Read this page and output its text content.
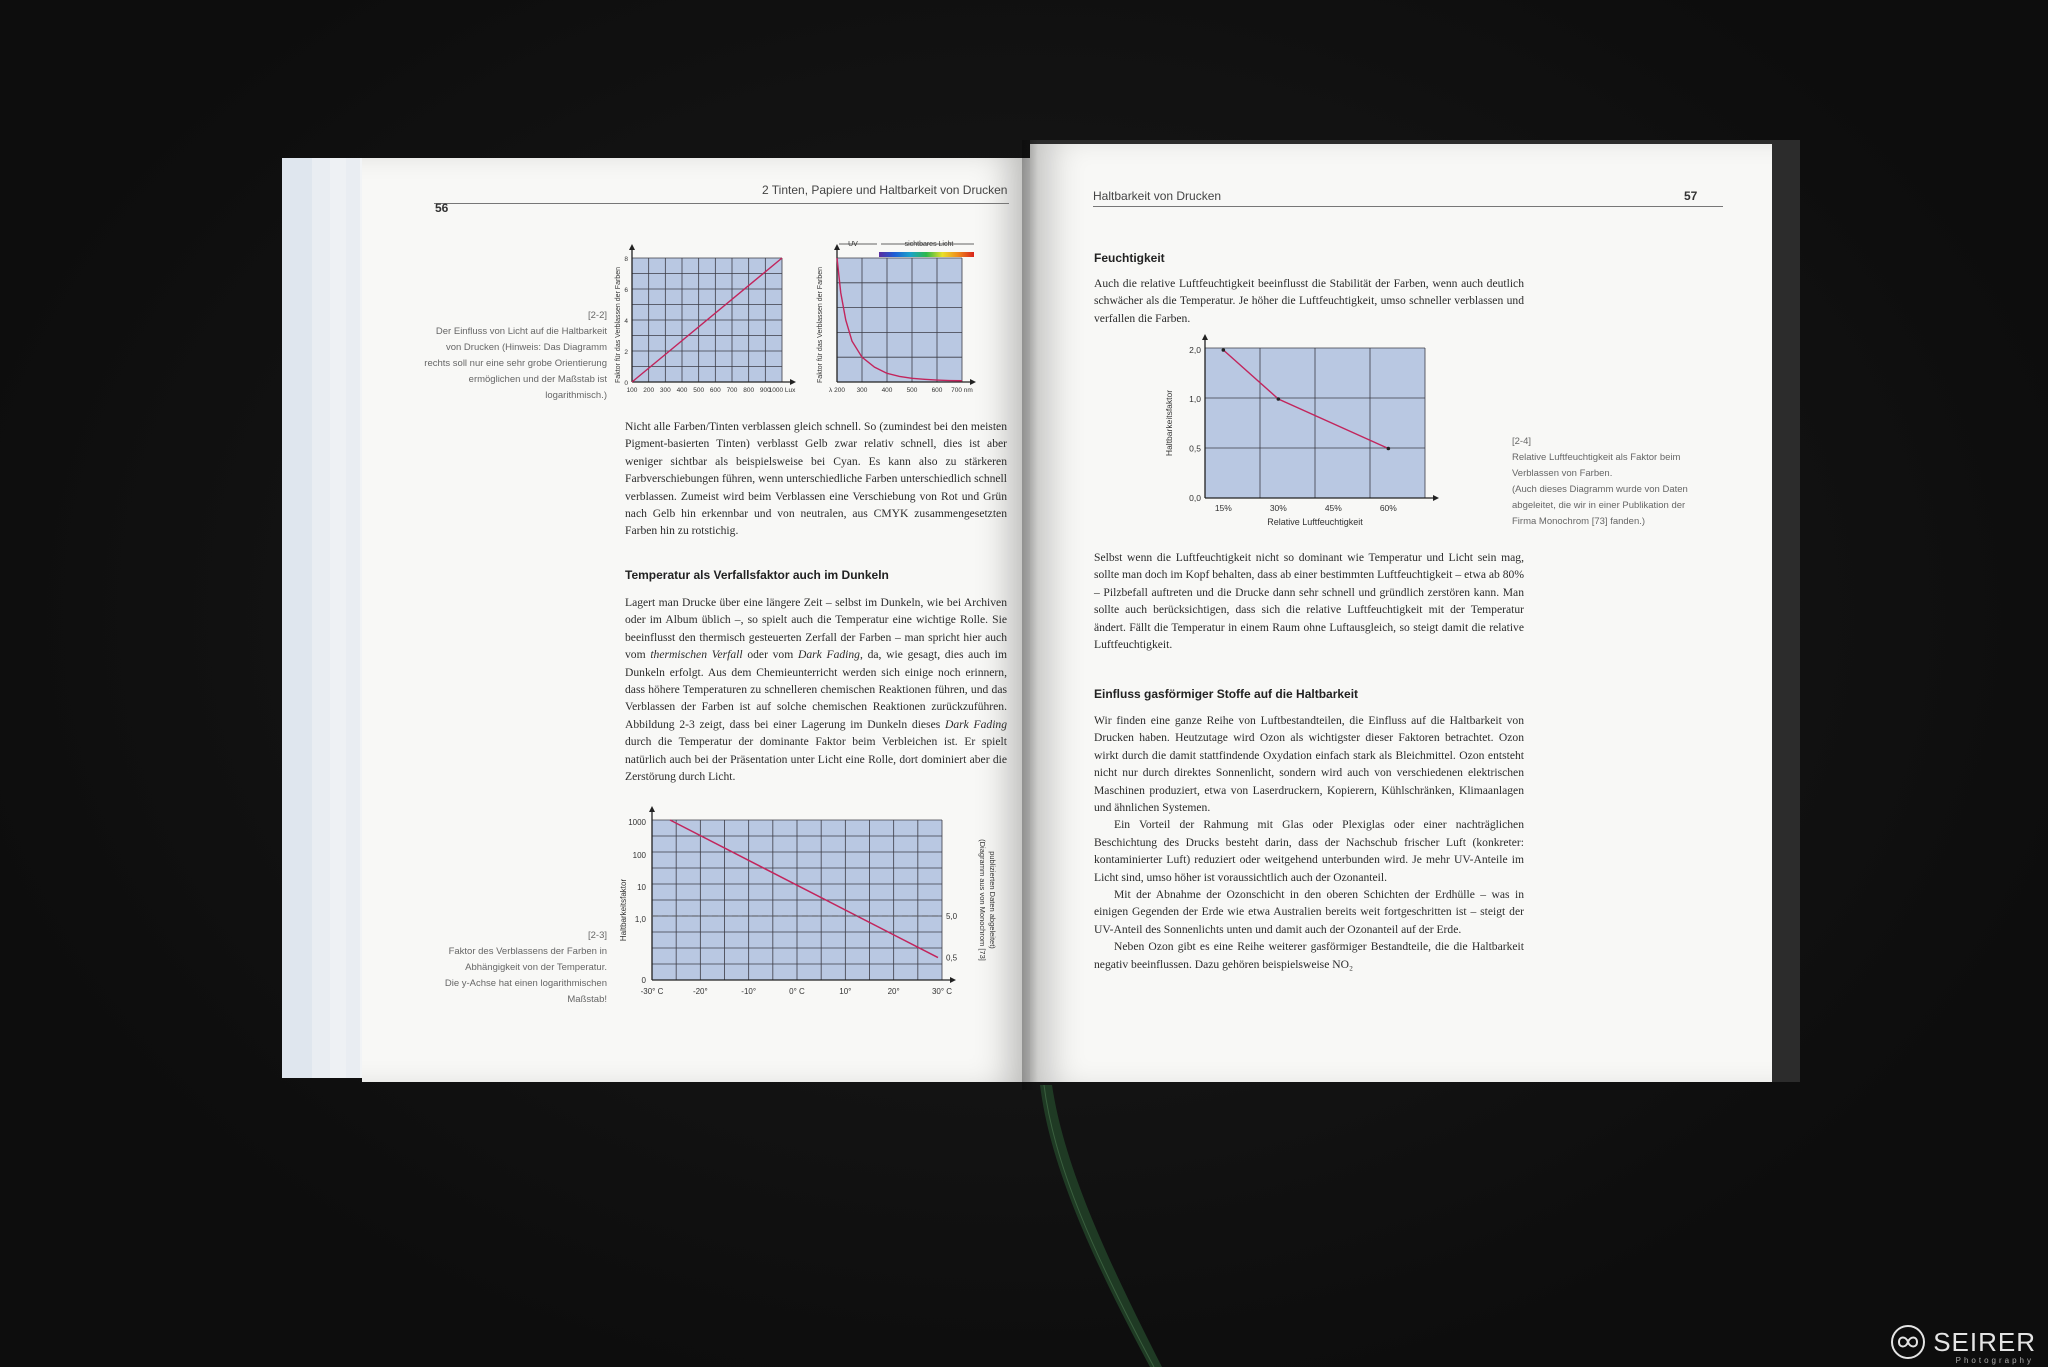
2 Tinten, Papiere und Haltbarkeit von Drucken
56
[2-2]
Der Einfluss von Licht auf die Haltbarkeit
von Drucken (Hinweis: Das Diagramm
rechts soll nur eine sehr grobe Orientierung
ermöglichen und der Maßstab ist
logarithmisch.)	100 200 300 400 500 600 700 800 900
1000 Lux
0
2
4
6
8
Faktor für das Verblassen der Farben
λ 200 300 400 500 600 700 nm
Faktor für das Verblassen der Farben
UV	sichtbares Licht
Nicht alle Farben/Tinten verblassen gleich schnell. So (zumindest bei den meisten Pigment-basierten Tinten) verblasst Gelb zwar relativ schnell, dies ist aber weniger sichtbar als beispielsweise bei Cyan. Es kann also zu stärkeren Farbverschiebungen führen, wenn unterschiedliche Farben unterschiedlich schnell verblassen. Zumeist wird beim Verblassen eine Verschiebung von Rot und Grün nach Gelb hin erkennbar und von neutralen, aus CMYK zusammengesetzten Farben hin zu rotstichig.
Temperatur als Verfallsfaktor auch im Dunkeln
Lagert man Drucke über eine längere Zeit – selbst im Dunkeln, wie bei Archiven oder im Album üblich –, so spielt auch die Temperatur eine wichtige Rolle. Sie beeinflusst den thermisch gesteuerten Zerfall der Farben – man spricht hier auch vom thermischen Verfall oder vom Dark Fading, da, wie gesagt, dies auch im Dunkeln erfolgt. Aus dem Chemieunterricht werden sich einige noch erinnern, dass höhere Temperaturen zu schnelleren chemischen Reaktionen führen, und das Verblassen der Farben ist auf solche chemischen Reaktionen zurückzuführen. Abbildung 2-3 zeigt, dass bei einer Lagerung im Dunkeln dieses Dark Fading durch die Temperatur der dominante Faktor beim Verbleichen ist. Er spielt natürlich auch bei der Präsentation unter Licht eine Rolle, dort dominiert aber die Zerstörung durch Licht.
[2-3]
Faktor des Verblassens der Farben in
Abhängigkeit von der Temperatur.
Die y-Achse hat einen logarithmischen
Maßstab!
0
1,0
10
100
1000
-30° C	-20°	-10°	0° C	10°	20°	30° C
5,0
0,5
Haltbarkeitsfaktor	(Diagramm aus von Monochrom [73] publizierten Daten abgeleitet)
Haltbarkeit von Drucken	57
Feuchtigkeit
Auch die relative Luftfeuchtigkeit beeinflusst die Stabilität der Farben, wenn auch deutlich schwächer als die Temperatur. Je höher die Luftfeuchtigkeit, umso schneller verblassen und verfallen die Farben.
0,0
0,5
1,0
2,0
15%	30%	45%	60%
Relative Luftfeuchtigkeit
Haltbarkeitsfaktor	[2-4]
Relative Luftfeuchtigkeit als Faktor beim
Verblassen von Farben.
(Auch dieses Diagramm wurde von Daten
abgeleitet, die wir in einer Publikation der
Firma Monochrom [73] fanden.)
Selbst wenn die Luftfeuchtigkeit nicht so dominant wie Temperatur und Licht sein mag, sollte man doch im Kopf behalten, dass ab einer bestimmten Luftfeuchtigkeit – etwa ab 80% – Pilzbefall auftreten und die Drucke dann sehr schnell und gründlich zerstören kann. Man sollte auch berücksichtigen, dass sich die relative Luftfeuchtigkeit mit der Temperatur ändert. Fällt die Temperatur in einem Raum ohne Luftausgleich, so steigt damit die relative Luftfeuchtigkeit.
Einfluss gasförmiger Stoffe auf die Haltbarkeit

Wir finden eine ganze Reihe von Luftbestandteilen, die Einfluss auf die Haltbarkeit von Drucken haben. Heutzutage wird Ozon als wichtigster dieser Faktoren betrachtet. Ozon wirkt durch die damit stattfindende Oxydation einfach stark als Bleichmittel. Ozon entsteht nicht nur durch direktes Sonnenlicht, sondern wird auch von verschiedenen elektrischen Maschinen produziert, etwa von Laserdruckern, Kopierern, Kühlschränken, Klimaanlagen und ähnlichen Systemen.

Ein Vorteil der Rahmung mit Glas oder Plexiglas oder einer nachträglichen Beschichtung des Drucks besteht darin, dass der Nachschub frischer Luft (konkreter: kontaminierter Luft) reduziert oder weitgehend unterbunden wird. Je mehr UV-Anteile im Licht sind, umso höher ist voraussichtlich auch der Ozonanteil.

Mit der Abnahme der Ozonschicht in den oberen Schichten der Erdhülle – was in einigen Gegenden der Erde wie etwa Australien bereits weit fortgeschritten ist – steigt der UV-Anteil des Sonnenlichts unten und damit auch der Ozonanteil auf der Erde.

Neben Ozon gibt es eine Reihe weiterer gasförmiger Bestandteile, die die Haltbarkeit negativ beeinflussen. Dazu gehören beispielsweise NO₂

SEIRER
Photography
